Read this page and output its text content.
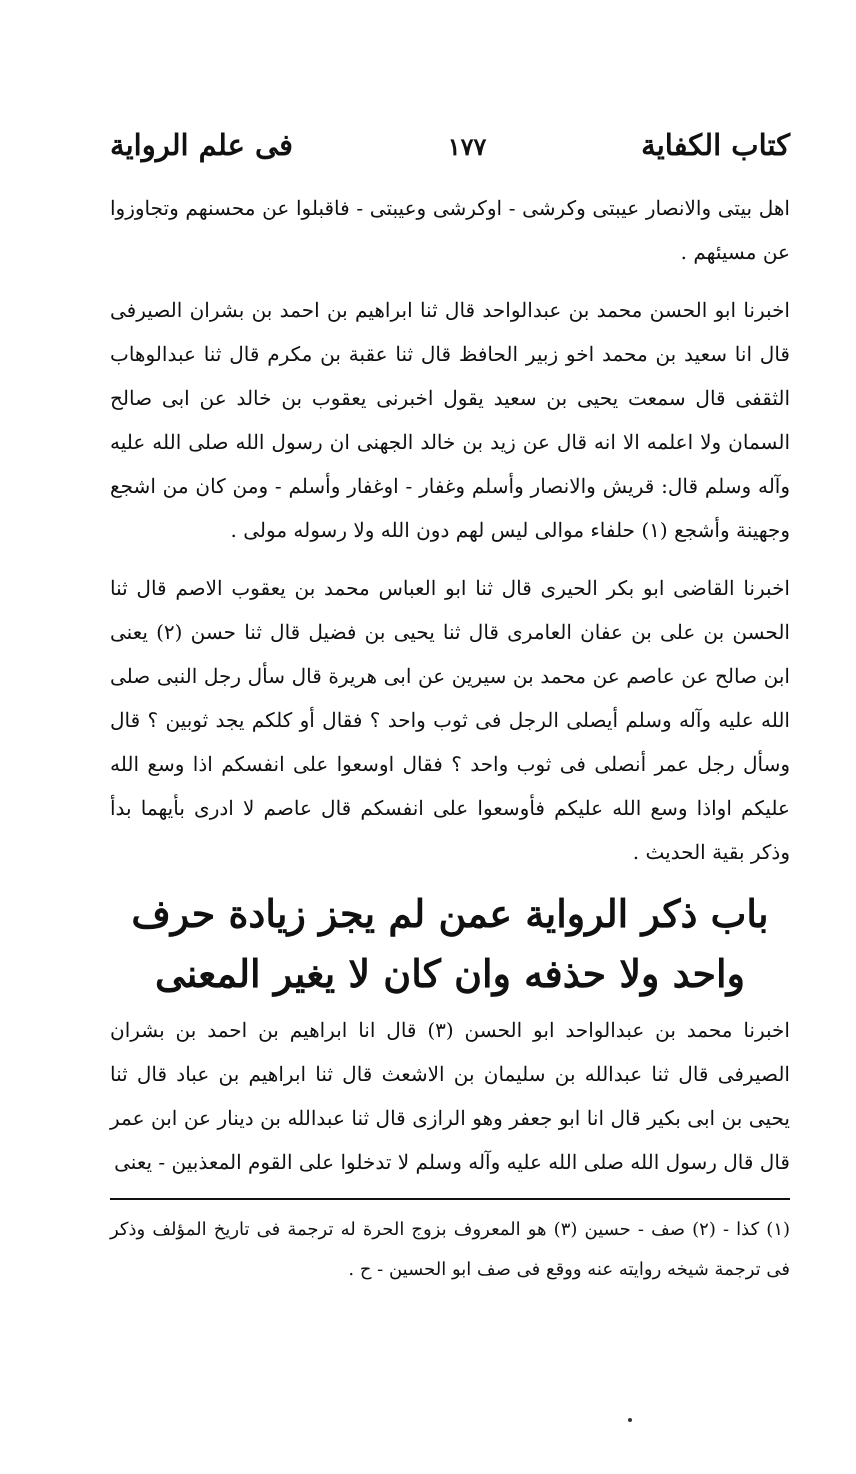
كتاب الكفاية
١٧٧
فى علم الرواية

اهل بيتى والانصار عيبتى وكرشى - اوكرشى وعيبتى - فاقبلوا عن محسنهم وتجاوزوا عن مسيئهم .

اخبرنا ابو الحسن محمد بن عبدالواحد قال ثنا ابراهيم بن احمد بن بشران الصيرفى قال انا سعيد بن محمد اخو زبير الحافظ قال ثنا عقبة بن مكرم قال ثنا عبدالوهاب الثقفى قال سمعت يحيى بن سعيد يقول اخبرنى يعقوب بن خالد عن ابى صالح السمان ولا اعلمه الا انه قال عن زيد بن خالد الجهنى ان رسول الله صلى الله عليه وآله وسلم قال: قريش والانصار وأسلم وغفار - اوغفار وأسلم - ومن كان من اشجع وجهينة وأشجع (١) حلفاء موالى ليس لهم دون الله ولا رسوله مولى .

اخبرنا القاضى ابو بكر الحيرى قال ثنا ابو العباس محمد بن يعقوب الاصم قال ثنا الحسن بن على بن عفان العامرى قال ثنا يحيى بن فضيل قال ثنا حسن (٢) يعنى ابن صالح عن عاصم عن محمد بن سيرين عن ابى هريرة قال سأل رجل النبى صلى الله عليه وآله وسلم أيصلى الرجل فى ثوب واحد ؟ فقال أو كلكم يجد ثوبين ؟ قال وسأل رجل عمر أنصلى فى ثوب واحد ؟ فقال اوسعوا على انفسكم اذا وسع الله عليكم اواذا وسع الله عليكم فأوسعوا على انفسكم قال عاصم لا ادرى بأيهما بدأ وذكر بقية الحديث .

باب ذكر الرواية عمن لم يجز زيادة حرف واحد ولا حذفه وان كان لا يغير المعنى

اخبرنا محمد بن عبدالواحد ابو الحسن (٣) قال انا ابراهيم بن احمد بن بشران الصيرفى قال ثنا عبدالله بن سليمان بن الاشعث قال ثنا ابراهيم بن عباد قال ثنا يحيى بن ابى بكير قال انا ابو جعفر وهو الرازى قال ثنا عبدالله بن دينار عن ابن عمر قال قال رسول الله صلى الله عليه وآله وسلم لا تدخلوا على القوم المعذبين - يعنى

(١) كذا - (٢) صف - حسين (٣) هو المعروف بزوج الحرة له ترجمة فى تاريخ المؤلف وذكر فى ترجمة شيخه روايته عنه ووقع فى صف ابو الحسين - ح .
